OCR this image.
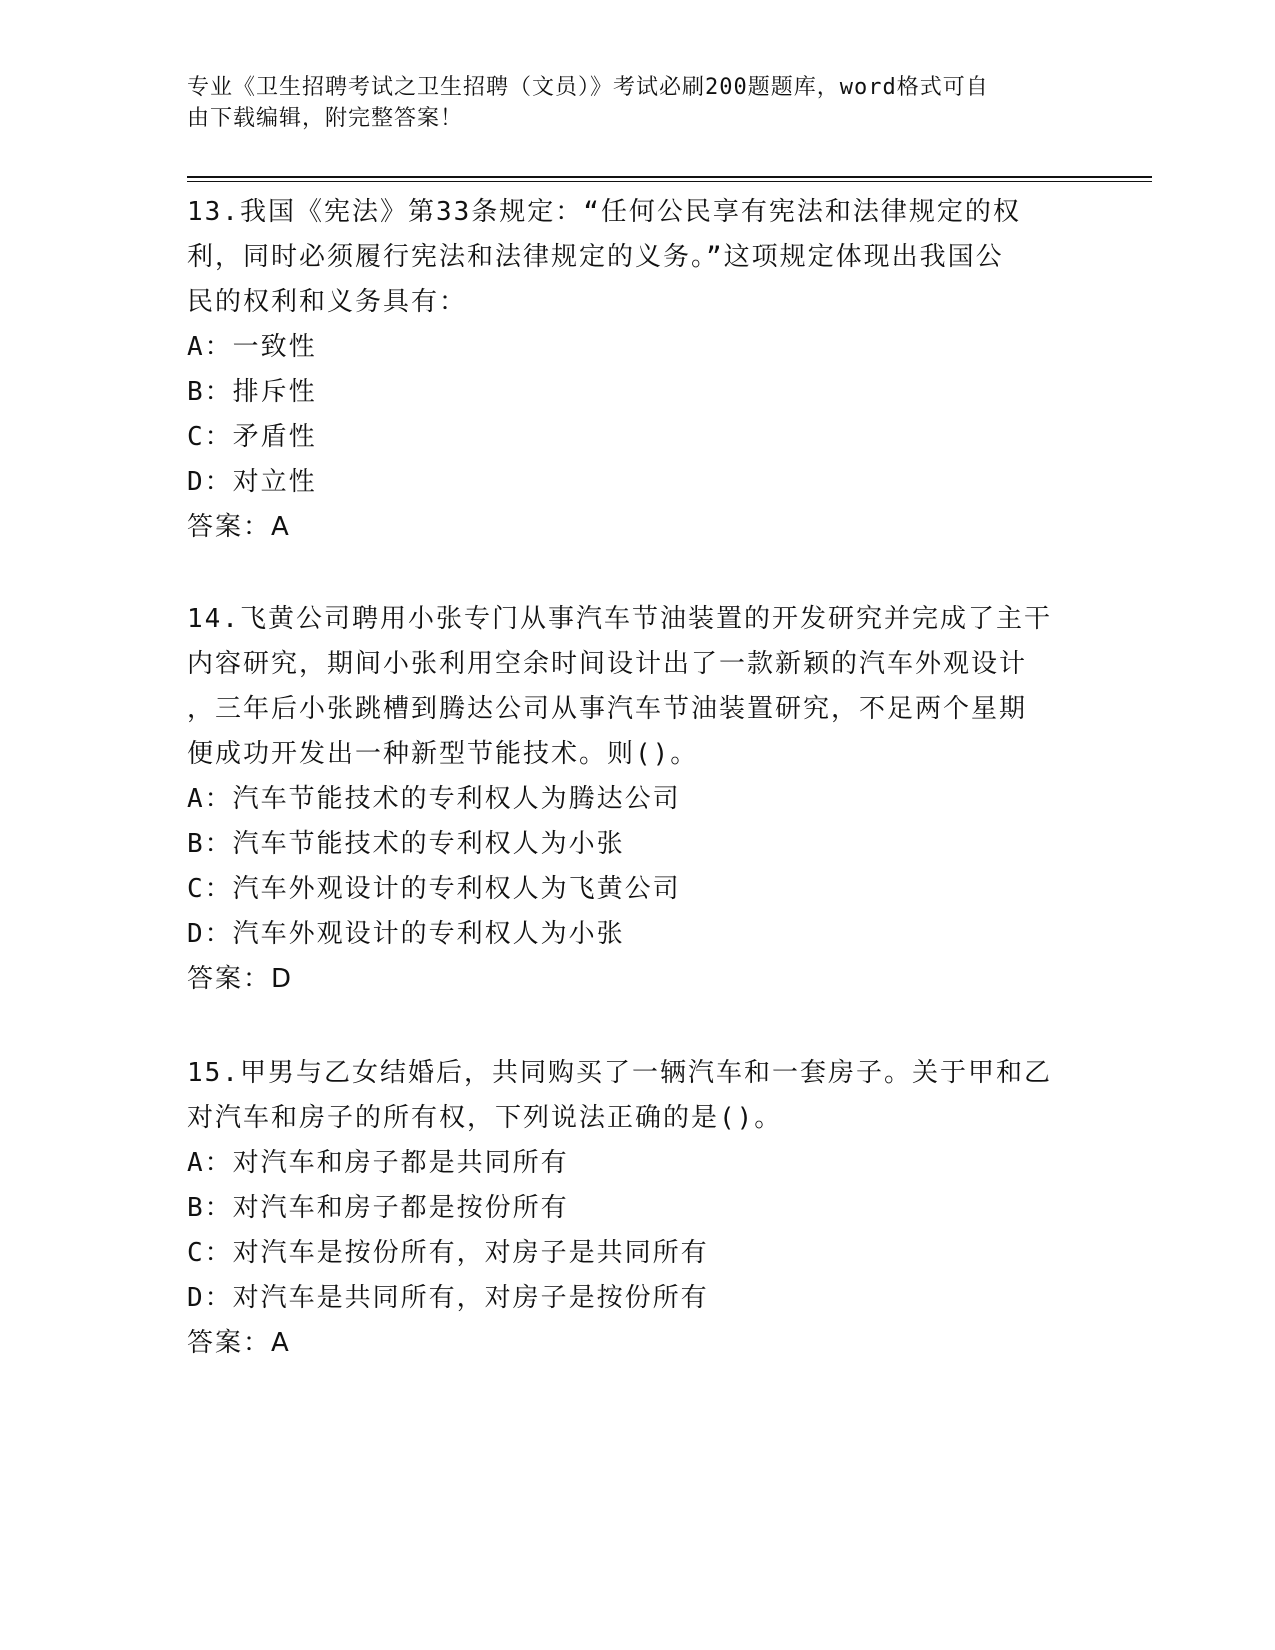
专业《卫生招聘考试之卫生招聘（文员）》考试必刷200题题库，word格式可自
由下载编辑，附完整答案！

13.我国《宪法》第33条规定：“任何公民享有宪法和法律规定的权

利，同时必须履行宪法和法律规定的义务。”这项规定体现出我国公

民的权利和义务具有：

A：一致性

B：排斥性

C：矛盾性

D：对立性

答案：A

14.飞黄公司聘用小张专门从事汽车节油装置的开发研究并完成了主干

内容研究，期间小张利用空余时间设计出了一款新颖的汽车外观设计

，三年后小张跳槽到腾达公司从事汽车节油装置研究，不足两个星期

便成功开发出一种新型节能技术。则()。

A：汽车节能技术的专利权人为腾达公司

B：汽车节能技术的专利权人为小张

C：汽车外观设计的专利权人为飞黄公司

D：汽车外观设计的专利权人为小张

答案：D

15.甲男与乙女结婚后，共同购买了一辆汽车和一套房子。关于甲和乙

对汽车和房子的所有权，下列说法正确的是()。

A：对汽车和房子都是共同所有

B：对汽车和房子都是按份所有

C：对汽车是按份所有，对房子是共同所有

D：对汽车是共同所有，对房子是按份所有

答案：A
